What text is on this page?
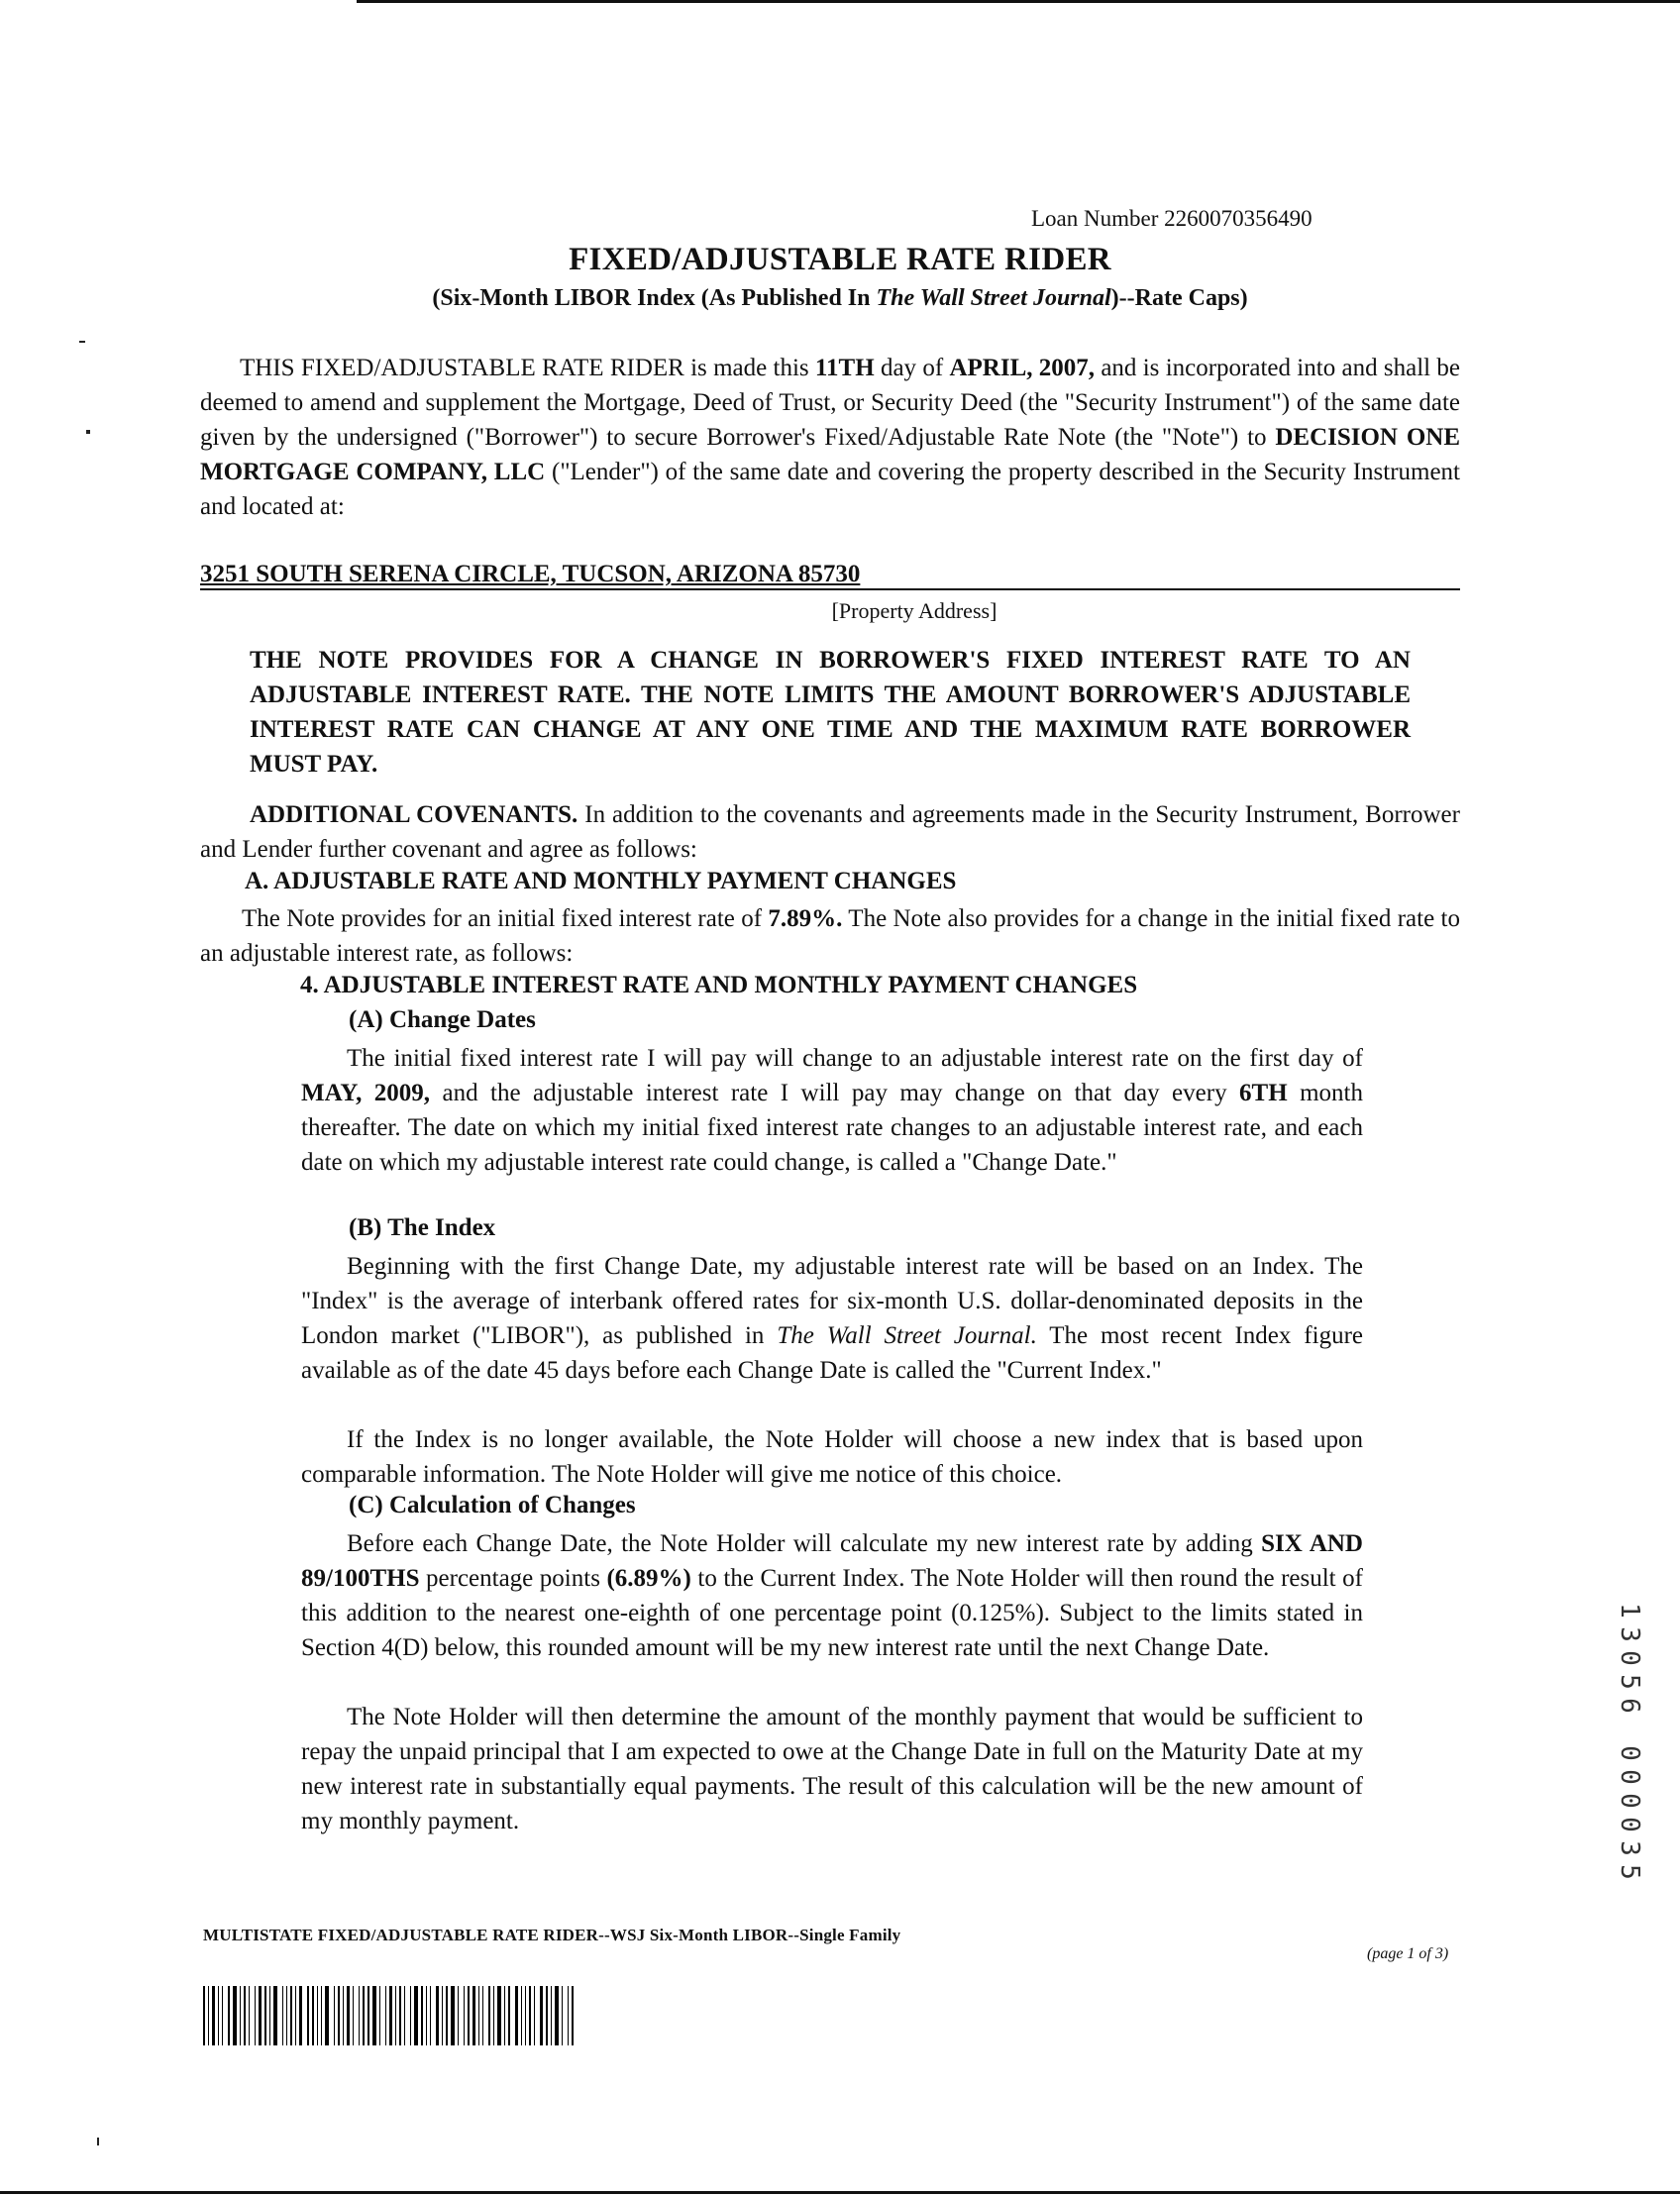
Loan Number 2260070356490
FIXED/ADJUSTABLE RATE RIDER
(Six-Month LIBOR Index (As Published In The Wall Street Journal)--Rate Caps)
THIS FIXED/ADJUSTABLE RATE RIDER is made this 11TH day of APRIL, 2007, and is incorporated into and shall be deemed to amend and supplement the Mortgage, Deed of Trust, or Security Deed (the "Security Instrument") of the same date given by the undersigned ("Borrower") to secure Borrower's Fixed/Adjustable Rate Note (the "Note") to DECISION ONE MORTGAGE COMPANY, LLC ("Lender") of the same date and covering the property described in the Security Instrument and located at:
3251 SOUTH SERENA CIRCLE, TUCSON, ARIZONA 85730
[Property Address]
THE NOTE PROVIDES FOR A CHANGE IN BORROWER'S FIXED INTEREST RATE TO AN ADJUSTABLE INTEREST RATE. THE NOTE LIMITS THE AMOUNT BORROWER'S ADJUSTABLE INTEREST RATE CAN CHANGE AT ANY ONE TIME AND THE MAXIMUM RATE BORROWER MUST PAY.
ADDITIONAL COVENANTS. In addition to the covenants and agreements made in the Security Instrument, Borrower and Lender further covenant and agree as follows:
A. ADJUSTABLE RATE AND MONTHLY PAYMENT CHANGES
The Note provides for an initial fixed interest rate of 7.89%. The Note also provides for a change in the initial fixed rate to an adjustable interest rate, as follows:
4. ADJUSTABLE INTEREST RATE AND MONTHLY PAYMENT CHANGES
(A) Change Dates
The initial fixed interest rate I will pay will change to an adjustable interest rate on the first day of MAY, 2009, and the adjustable interest rate I will pay may change on that day every 6TH month thereafter. The date on which my initial fixed interest rate changes to an adjustable interest rate, and each date on which my adjustable interest rate could change, is called a "Change Date."
(B) The Index
Beginning with the first Change Date, my adjustable interest rate will be based on an Index. The "Index" is the average of interbank offered rates for six-month U.S. dollar-denominated deposits in the London market ("LIBOR"), as published in The Wall Street Journal. The most recent Index figure available as of the date 45 days before each Change Date is called the "Current Index."
If the Index is no longer available, the Note Holder will choose a new index that is based upon comparable information. The Note Holder will give me notice of this choice.
(C) Calculation of Changes
Before each Change Date, the Note Holder will calculate my new interest rate by adding SIX AND 89/100THS percentage points (6.89%) to the Current Index. The Note Holder will then round the result of this addition to the nearest one-eighth of one percentage point (0.125%). Subject to the limits stated in Section 4(D) below, this rounded amount will be my new interest rate until the next Change Date.
The Note Holder will then determine the amount of the monthly payment that would be sufficient to repay the unpaid principal that I am expected to owe at the Change Date in full on the Maturity Date at my new interest rate in substantially equal payments. The result of this calculation will be the new amount of my monthly payment.
MULTISTATE FIXED/ADJUSTABLE RATE RIDER--WSJ Six-Month LIBOR--Single Family
(page 1 of 3)
1
3
0
5
6

0
0
0
0
3
5
